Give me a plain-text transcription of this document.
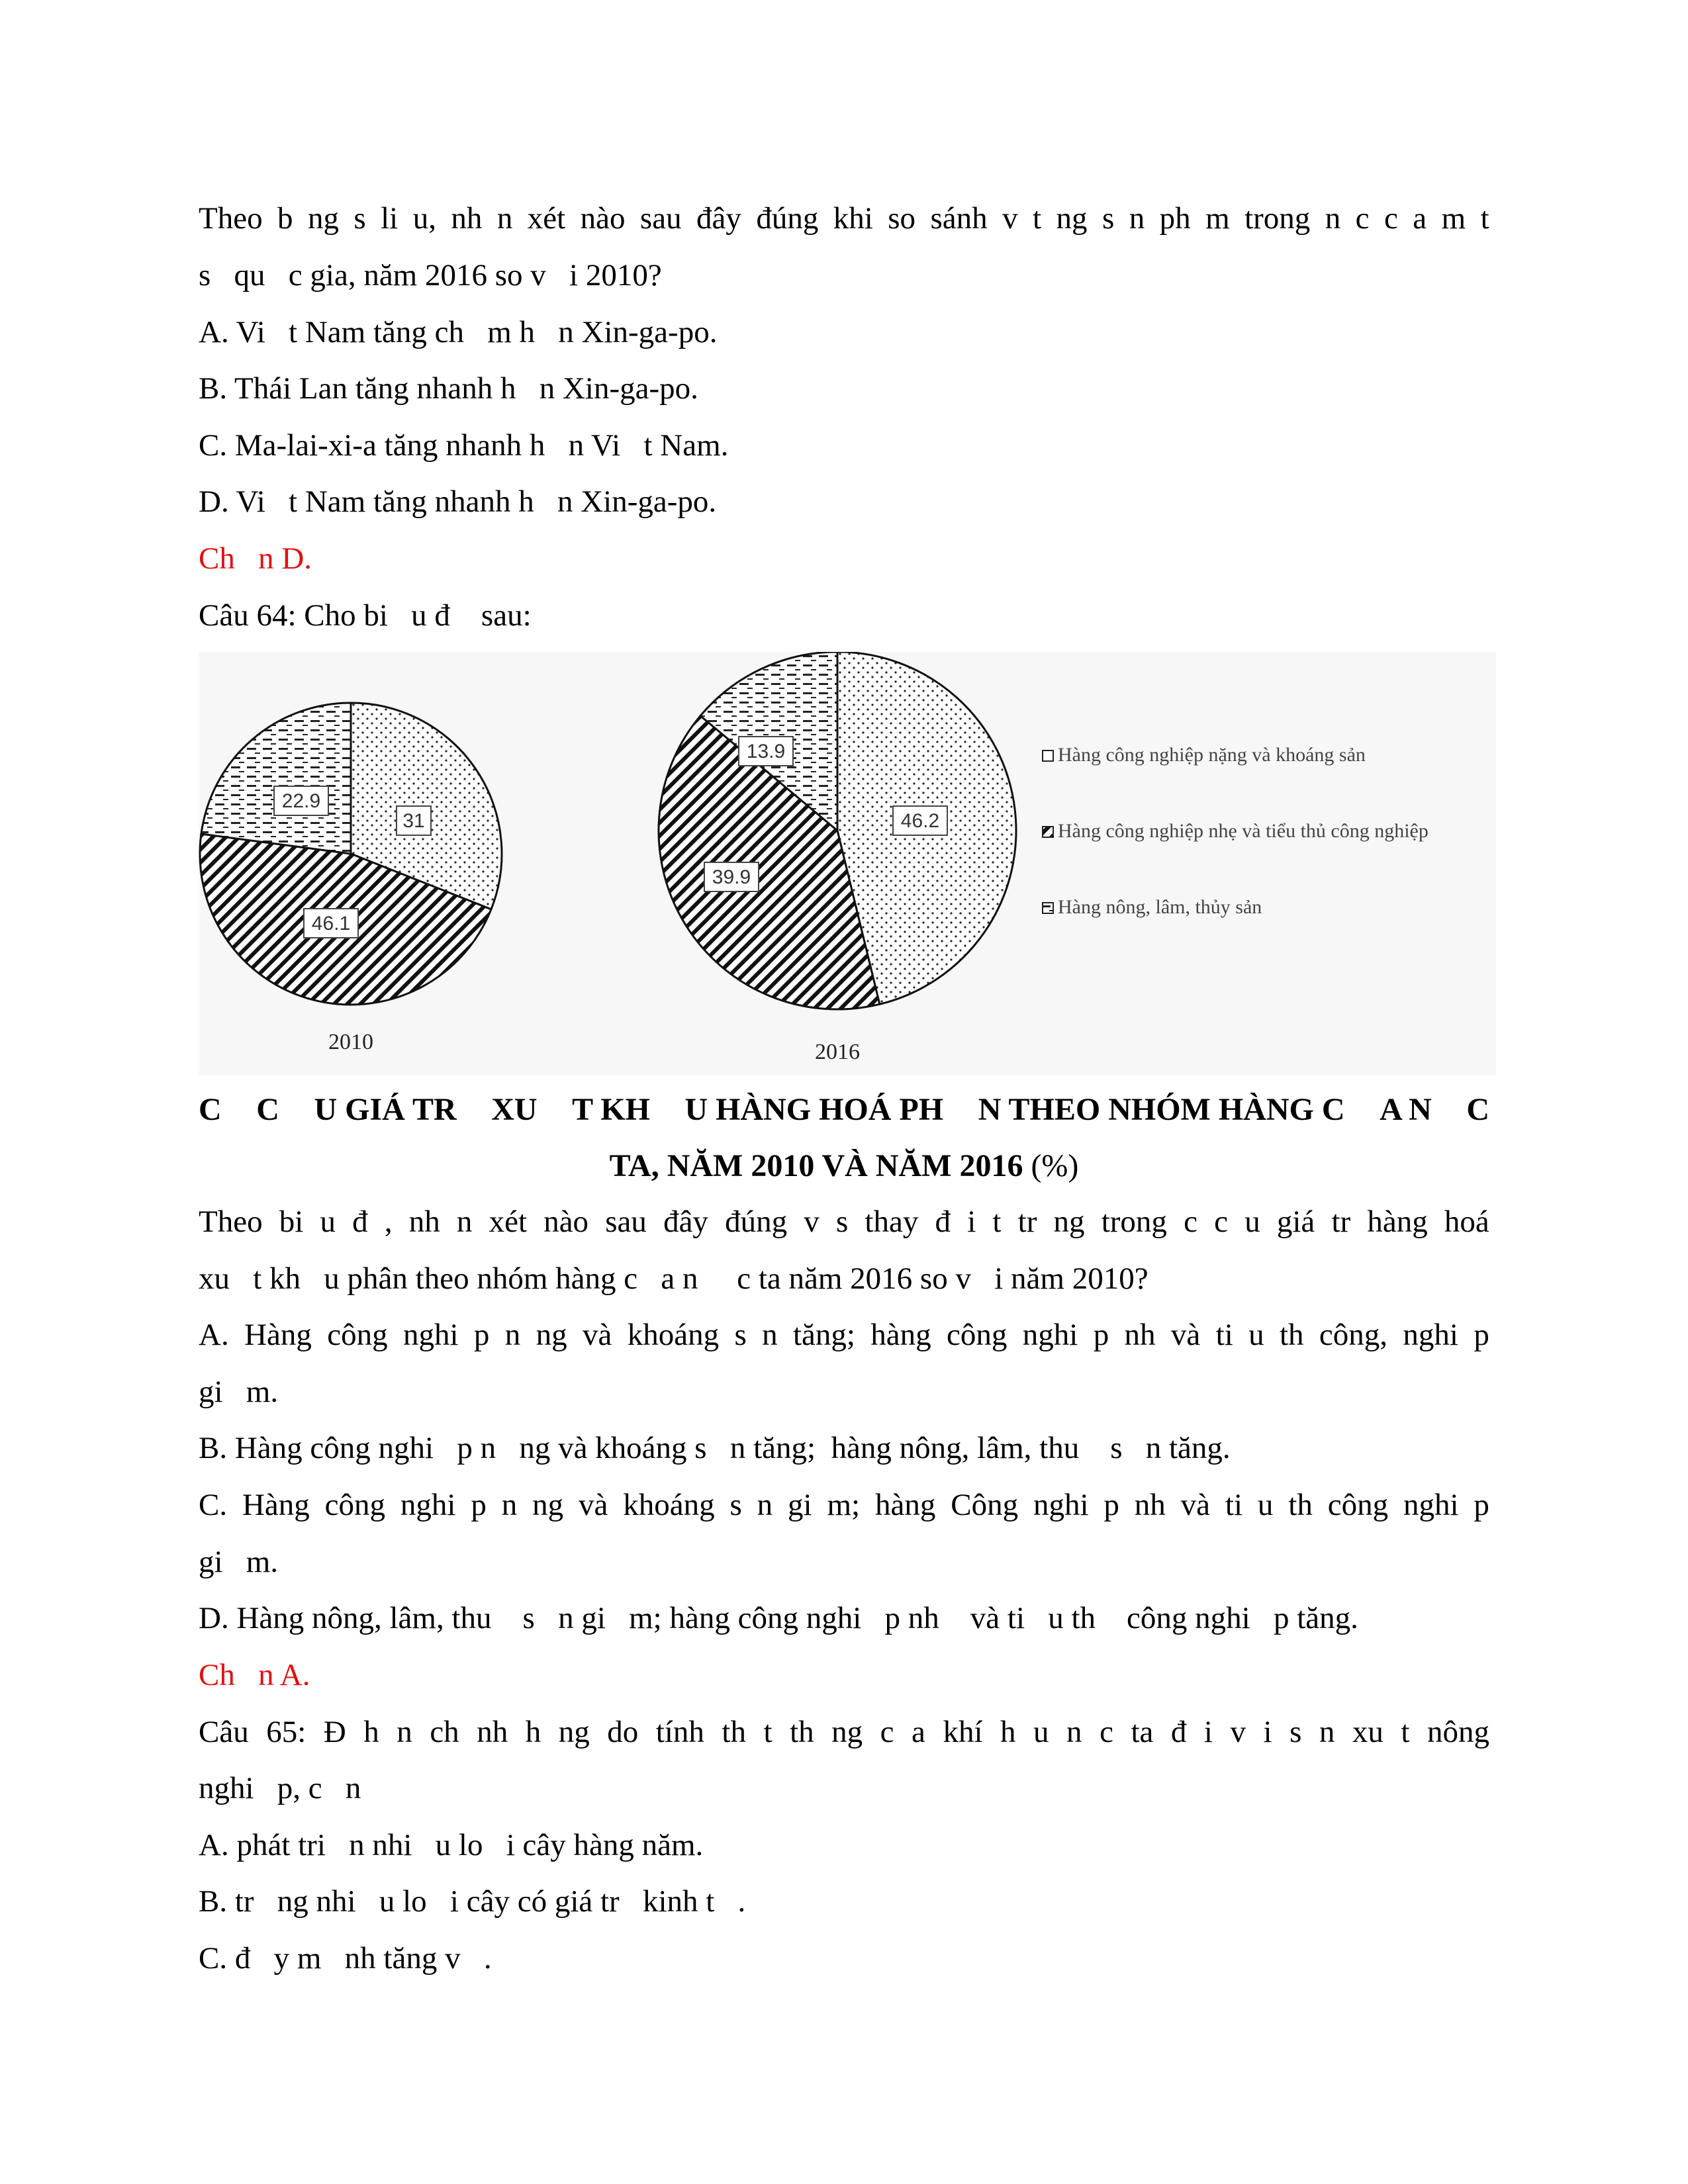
Theo b ng s li u, nh n xét nào sau đây đúng khi so sánh v t ng s n ph m trong n c c a m t
s   qu   c gia, năm 2016 so v   i 2010?
A. Vi   t Nam tăng ch   m h   n Xin-ga-po.
B. Thái Lan tăng nhanh h   n Xin-ga-po.
C. Ma-lai-xi-a tăng nhanh h   n Vi   t Nam.
D. Vi   t Nam tăng nhanh h   n Xin-ga-po.
Ch   n D.
Câu 64: Cho bi   u đ    sau:
31
46.1
22.9
2010
46.2
39.9
13.9
2016
Hàng công nghiệp nặng và khoáng sản
Hàng công nghiệp nhẹ và tiểu thủ công nghiệp
Hàng nông, lâm, thủy sản
C C U GIÁ TR XU T KH U HÀNG HOÁ PH N THEO NHÓM HÀNG C A N C
TA, NĂM 2010 VÀ NĂM 2016 (%)
Theo bi u đ , nh n xét nào sau đây đúng v s thay đ i t tr ng trong c c u giá tr hàng hoá
xu   t kh   u phân theo nhóm hàng c   a n     c ta năm 2016 so v   i năm 2010?
A. Hàng công nghi p n ng và khoáng s n tăng; hàng công nghi p nh và ti u th công, nghi p
gi   m.
B. Hàng công nghi   p n   ng và khoáng s   n tăng;  hàng nông, lâm, thu    s   n tăng.
C. Hàng công nghi p n ng và khoáng s n gi m; hàng Công nghi p nh và ti u th công nghi p
gi   m.
D. Hàng nông, lâm, thu    s   n gi   m; hàng công nghi   p nh    và ti   u th    công nghi   p tăng.
Ch   n A.
Câu 65: Đ h n ch nh h ng do tính th t th ng c a khí h u n c ta đ i v i s n xu t nông
nghi   p, c   n
A. phát tri   n nhi   u lo   i cây hàng năm.
B. tr   ng nhi   u lo   i cây có giá tr   kinh t   .
C. đ   y m   nh tăng v   .
